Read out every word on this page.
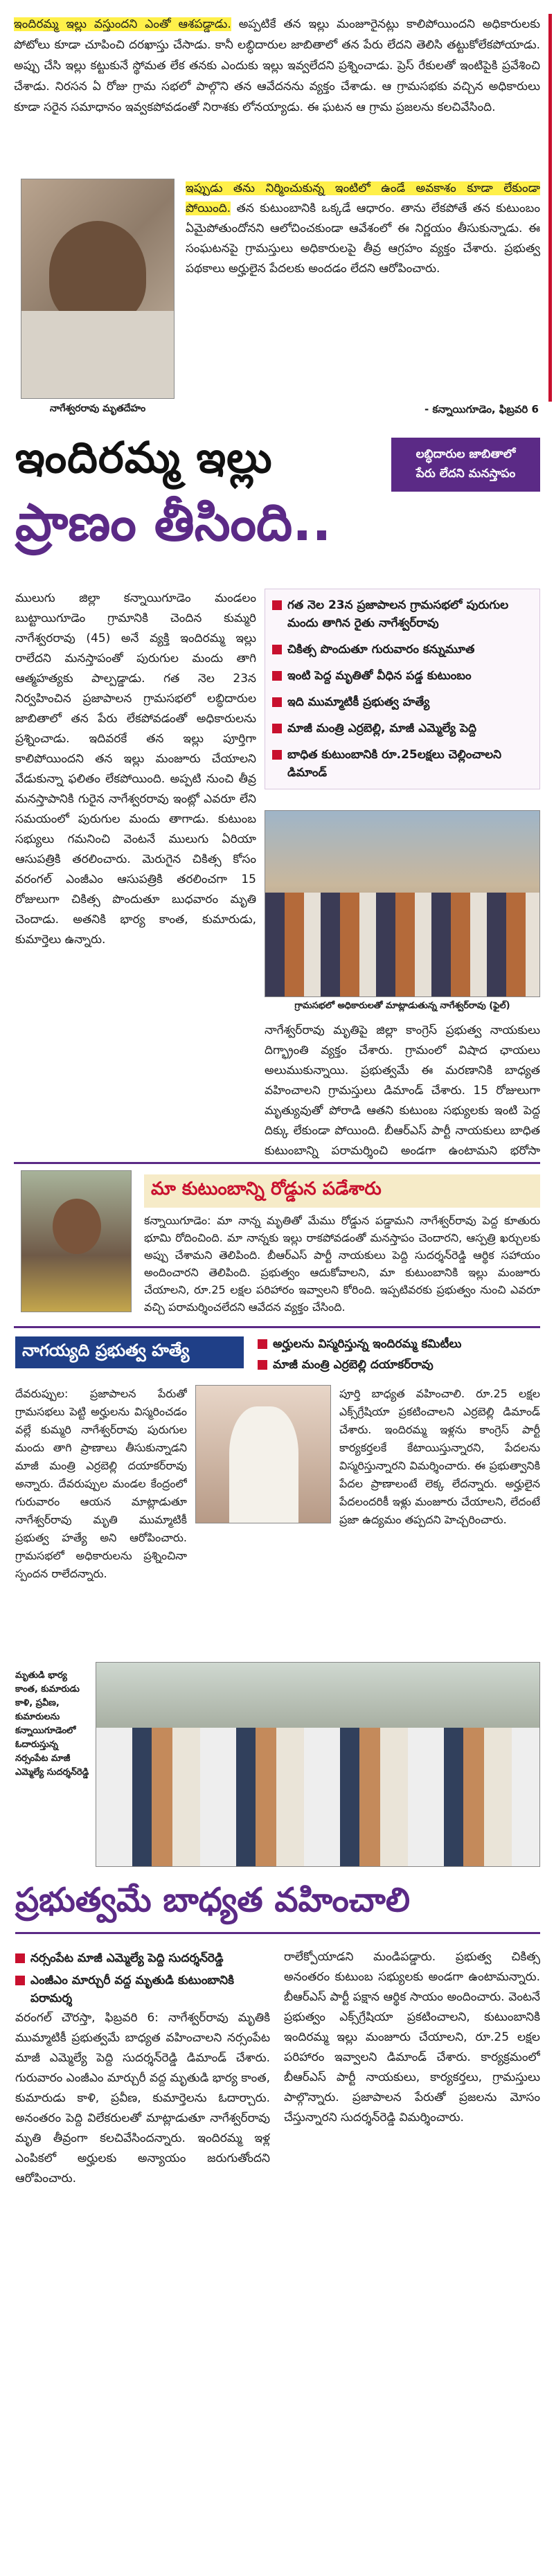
ఇందిరమ్మ ఇల్లు వస్తుందని ఎంతో ఆశపడ్డాడు. అప్పటికే తన ఇల్లు మంజూరైనట్లు కాలిపోయిందని అధికారులకు పోటోలు కూడా చూపించి దరఖాస్తు చేసాడు. కానీ లబ్ధిదారుల జాబితాలో తన పేరు లేదని తెలిసి తట్టుకోలేకపోయాడు. అప్పు చేసి ఇల్లు కట్టుకునే స్థోమత లేక తనకు ఎందుకు ఇల్లు ఇవ్వలేదని ప్రశ్నించాడు. ప్రెస్ రేకులతో ఇంటిపైకి ప్రవేశించి చేశాడు. నిరసన ఏ రోజు గ్రామ సభలో పాల్గొని తన ఆవేదనను వ్యక్తం చేశాడు. ఆ గ్రామసభకు వచ్చిన అధికారులు కూడా సరైన సమాధానం ఇవ్వకపోవడంతో నిరాశకు లోనయ్యాడు. ఈ ఘటన ఆ గ్రామ ప్రజలను కలచివేసింది.
నాగేశ్వరరావు మృతదేహం
ఇప్పుడు తను నిర్మించుకున్న ఇంటిలో ఉండే అవకాశం కూడా లేకుండా పోయింది. తన కుటుంబానికి ఒక్కడే ఆధారం. తాను లేకపోతే తన కుటుంబం ఏమైపోతుందోనని ఆలోచించకుండా ఆవేశంలో ఈ నిర్ణయం తీసుకున్నాడు. ఈ సంఘటనపై గ్రామస్తులు అధికారులపై తీవ్ర ఆగ్రహం వ్యక్తం చేశారు. ప్రభుత్వ పథకాలు అర్హులైన పేదలకు అందడం లేదని ఆరోపించారు.
- కన్నాయిగూడెం, ఫిబ్రవరి 6
ఇందిరమ్మ ఇల్లు	లబ్ధిదారుల జాబితాలో
పేరు లేదని మనస్తాపం
ప్రాణం తీసింది..
ములుగు జిల్లా కన్నాయిగూడెం మండలం బుట్టాయిగూడెం గ్రామానికి చెందిన కుమ్మరి నాగేశ్వరరావు (45) అనే వ్యక్తి ఇందిరమ్మ ఇల్లు రాలేదని మనస్తాపంతో పురుగుల మందు తాగి ఆత్మహత్యకు పాల్పడ్డాడు. గత నెల 23న నిర్వహించిన ప్రజాపాలన గ్రామసభలో లబ్ధిదారుల జాబితాలో తన పేరు లేకపోవడంతో అధికారులను ప్రశ్నించాడు. ఇదివరకే తన ఇల్లు పూర్తిగా కాలిపోయిందని తన ఇల్లు మంజూరు చేయాలని వేడుకున్నా ఫలితం లేకపోయింది. అప్పటి నుంచి తీవ్ర మనస్తాపానికి గురైన నాగేశ్వరరావు ఇంట్లో ఎవరూ లేని సమయంలో పురుగుల మందు తాగాడు. కుటుంబ సభ్యులు గమనించి వెంటనే ములుగు ఏరియా ఆసుపత్రికి తరలించారు. మెరుగైన చికిత్స కోసం వరంగల్ ఎంజీఎం ఆసుపత్రికి తరలించగా 15 రోజులుగా చికిత్స పొందుతూ బుధవారం మృతి చెందాడు. అతనికి భార్య కాంత, కుమారుడు, కుమార్తెలు ఉన్నారు.
గత నెల 23న ప్రజాపాలన గ్రామసభలో పురుగుల మందు తాగిన రైతు నాగేశ్వర్‌రావు
చికిత్స పొందుతూ గురువారం కన్నుమూత
ఇంటి పెద్ద మృతితో వీధిన పడ్డ కుటుంబం
ఇది ముమ్మాటికీ ప్రభుత్వ హత్యే
మాజీ మంత్రి ఎర్రబెల్లి, మాజీ ఎమ్మెల్యే పెద్ది
బాధిత కుటుంబానికి రూ.25లక్షలు చెల్లించాలని డిమాండ్
గ్రామసభలో అధికారులతో మాట్లాడుతున్న నాగేశ్వర్‌రావు (ఫైల్)
నాగేశ్వర్‌రావు మృతిపై జిల్లా కాంగ్రెస్ ప్రభుత్వ నాయకులు దిగ్భ్రాంతి వ్యక్తం చేశారు. గ్రామంలో విషాద ఛాయలు అలుముకున్నాయి. ప్రభుత్వమే ఈ మరణానికి బాధ్యత వహించాలని గ్రామస్తులు డిమాండ్ చేశారు. 15 రోజులుగా మృత్యువుతో పోరాడి ఆతని కుటుంబ సభ్యులకు ఇంటి పెద్ద దిక్కు లేకుండా పోయింది. బీఆర్ఎస్ పార్టీ నాయకులు బాధిత కుటుంబాన్ని పరామర్శించి అండగా ఉంటామని భరోసా
మా కుటుంబాన్ని రోడ్డున పడేశారు
కన్నాయిగూడెం: మా నాన్న మృతితో మేము రోడ్డున పడ్డామని నాగేశ్వర్‌రావు పెద్ద కూతురు భూమి రోదించింది. మా నాన్నకు ఇల్లు రాకపోవడంతో మనస్తాపం చెందారని, ఆస్పత్రి ఖర్చులకు అప్పు చేశామని తెలిపింది. బీఆర్ఎస్ పార్టీ నాయకులు పెద్ది సుదర్శన్‌రెడ్డి ఆర్థిక సహాయం అందించారని తెలిపింది. ప్రభుత్వం ఆదుకోవాలని, మా కుటుంబానికి ఇల్లు మంజూరు చేయాలని, రూ.25 లక్షల పరిహారం ఇవ్వాలని కోరింది. ఇప్పటివరకు ప్రభుత్వం నుంచి ఎవరూ వచ్చి పరామర్శించలేదని ఆవేదన వ్యక్తం చేసింది.
నాగయ్యది ప్రభుత్వ హత్యే	అర్హులను విస్మరిస్తున్న ఇందిరమ్మ కమిటీలు
మాజీ మంత్రి ఎర్రబెల్లి దయాకర్‌రావు
దేవరుప్పుల: ప్రజాపాలన పేరుతో గ్రామసభలు పెట్టి అర్హులను విస్మరించడం వల్లే కుమ్మరి నాగేశ్వర్‌రావు పురుగుల మందు తాగి ప్రాణాలు తీసుకున్నాడని మాజీ మంత్రి ఎర్రబెల్లి దయాకర్‌రావు అన్నారు. దేవరుప్పుల మండల కేంద్రంలో గురువారం ఆయన మాట్లాడుతూ నాగేశ్వర్‌రావు మృతి ముమ్మాటికీ ప్రభుత్వ హత్యే అని ఆరోపించారు. గ్రామసభలో అధికారులను ప్రశ్నించినా స్పందన రాలేదన్నారు.
పూర్తి బాధ్యత వహించాలి. రూ.25 లక్షల ఎక్స్‌గ్రేషియా ప్రకటించాలని ఎర్రబెల్లి డిమాండ్ చేశారు. ఇందిరమ్మ ఇళ్లను కాంగ్రెస్ పార్టీ కార్యకర్తలకే కేటాయిస్తున్నారని, పేదలను విస్మరిస్తున్నారని విమర్శించారు. ఈ ప్రభుత్వానికి పేదల ప్రాణాలంటే లెక్క లేదన్నారు. అర్హులైన పేదలందరికీ ఇళ్లు మంజూరు చేయాలని, లేదంటే ప్రజా ఉద్యమం తప్పదని హెచ్చరించారు.
మృతుడి భార్య కాంత, కుమారుడు కాళి, ప్రవీణ, కుమారులను కన్నాయిగూడెంలో ఓదారుస్తున్న నర్సంపేట మాజీ ఎమ్మెల్యే సుదర్శన్‌రెడ్డి
ప్రభుత్వమే బాధ్యత వహించాలి
నర్సంపేట మాజీ ఎమ్మెల్యే పెద్ది సుదర్శన్‌రెడ్డి
ఎంజీఎం మార్చురీ వద్ద మృతుడి కుటుంబానికి పరామర్శ
వరంగల్ చౌరస్తా, ఫిబ్రవరి 6: నాగేశ్వర్‌రావు మృతికి ముమ్మాటికీ ప్రభుత్వమే బాధ్యత వహించాలని నర్సంపేట మాజీ ఎమ్మెల్యే పెద్ది సుదర్శన్‌రెడ్డి డిమాండ్ చేశారు. గురువారం ఎంజీఎం మార్చురీ వద్ద మృతుడి భార్య కాంత, కుమారుడు కాళి, ప్రవీణ, కుమార్తెలను ఓదార్చారు. అనంతరం పెద్ది విలేకరులతో మాట్లాడుతూ నాగేశ్వర్‌రావు మృతి తీవ్రంగా కలచివేసిందన్నారు. ఇందిరమ్మ ఇళ్ల ఎంపికలో అర్హులకు అన్యాయం జరుగుతోందని ఆరోపించారు.
రాలేక్పోయాడని మండిపడ్డారు. ప్రభుత్వ చికిత్స అనంతరం కుటుంబ సభ్యులకు అండగా ఉంటామన్నారు. బీఆర్ఎస్ పార్టీ పక్షాన ఆర్థిక సాయం అందించారు. వెంటనే ప్రభుత్వం ఎక్స్‌గ్రేషియా ప్రకటించాలని, కుటుంబానికి ఇందిరమ్మ ఇల్లు మంజూరు చేయాలని, రూ.25 లక్షల పరిహారం ఇవ్వాలని డిమాండ్ చేశారు. కార్యక్రమంలో బీఆర్ఎస్ పార్టీ నాయకులు, కార్యకర్తలు, గ్రామస్తులు పాల్గొన్నారు. ప్రజాపాలన పేరుతో ప్రజలను మోసం చేస్తున్నారని సుదర్శన్‌రెడ్డి విమర్శించారు.
